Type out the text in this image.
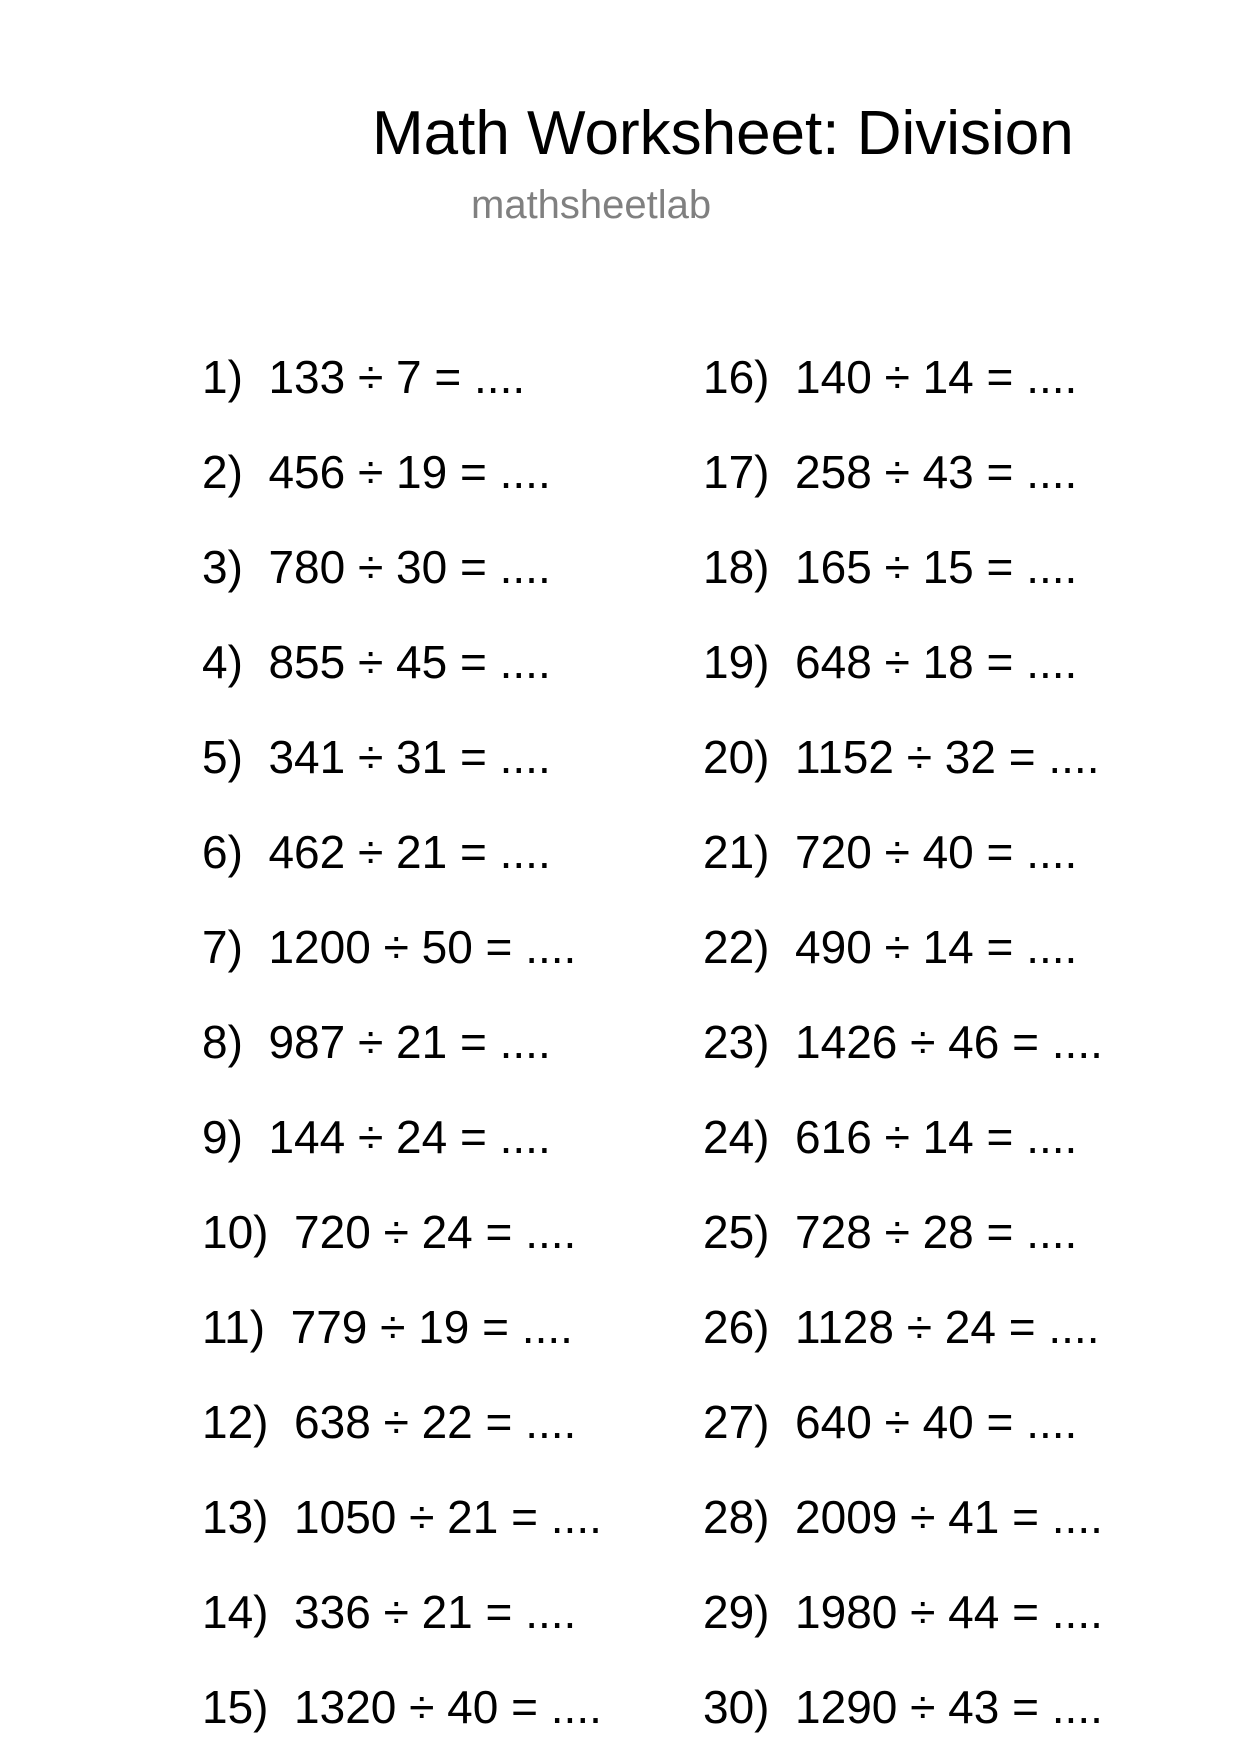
Math Worksheet: Division
mathsheetlab
1) 133 ÷ 7 = ....
2) 456 ÷ 19 = ....
3) 780 ÷ 30 = ....
4) 855 ÷ 45 = ....
5) 341 ÷ 31 = ....
6) 462 ÷ 21 = ....
7) 1200 ÷ 50 = ....
8) 987 ÷ 21 = ....
9) 144 ÷ 24 = ....
10) 720 ÷ 24 = ....
11) 779 ÷ 19 = ....
12) 638 ÷ 22 = ....
13) 1050 ÷ 21 = ....
14) 336 ÷ 21 = ....
15) 1320 ÷ 40 = ....
16) 140 ÷ 14 = ....
17) 258 ÷ 43 = ....
18) 165 ÷ 15 = ....
19) 648 ÷ 18 = ....
20) 1152 ÷ 32 = ....
21) 720 ÷ 40 = ....
22) 490 ÷ 14 = ....
23) 1426 ÷ 46 = ....
24) 616 ÷ 14 = ....
25) 728 ÷ 28 = ....
26) 1128 ÷ 24 = ....
27) 640 ÷ 40 = ....
28) 2009 ÷ 41 = ....
29) 1980 ÷ 44 = ....
30) 1290 ÷ 43 = ....
